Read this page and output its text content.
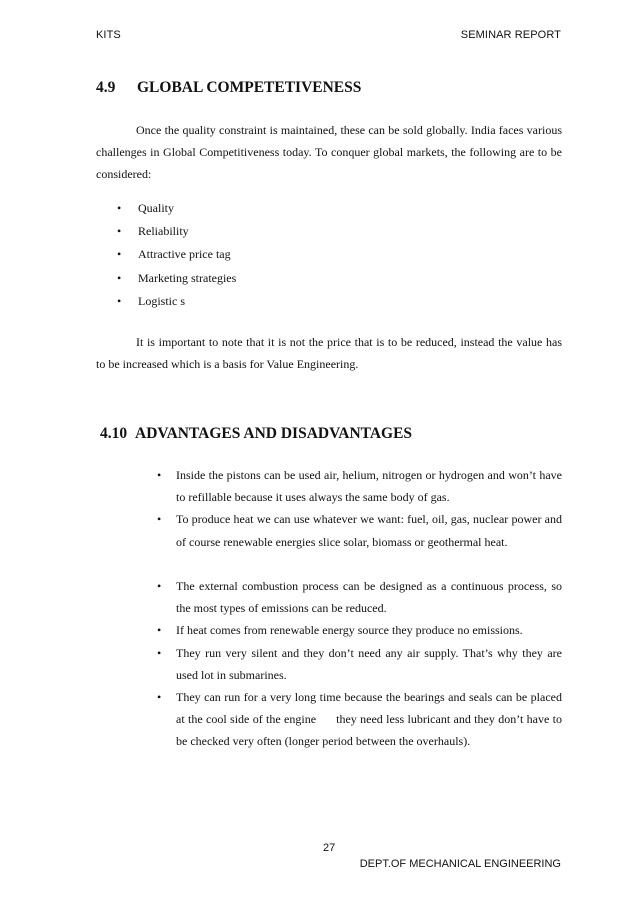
KITS	SEMINAR REPORT
4.9 GLOBAL COMPETETIVENESS

Once the quality constraint is maintained, these can be sold globally. India faces various challenges in Global Competitiveness today. To conquer global markets, the following are to be considered:

• Quality
• Reliability
• Attractive price tag
• Marketing strategies
• Logistic s

It is important to note that it is not the price that is to be reduced, instead the value has to be increased which is a basis for Value Engineering.

4.10 ADVANTAGES AND DISADVANTAGES
• Inside the pistons can be used air, helium, nitrogen or hydrogen and won’t have to refillable because it uses always the same body of gas.
• To produce heat we can use whatever we want: fuel, oil, gas, nuclear power and of course renewable energies slice solar, biomass or geothermal heat.
• The external combustion process can be designed as a continuous process, so the most types of emissions can be reduced.
• If heat comes from renewable energy source they produce no emissions.
• They run very silent and they don’t need any air supply. That’s why they are used lot in submarines.
• They can run for a very long time because the bearings and seals can be placed at the cool side of the engine      they need less lubricant and they don’t have to be checked very often (longer period between the overhauls).
27
DEPT.OF MECHANICAL ENGINEERING
